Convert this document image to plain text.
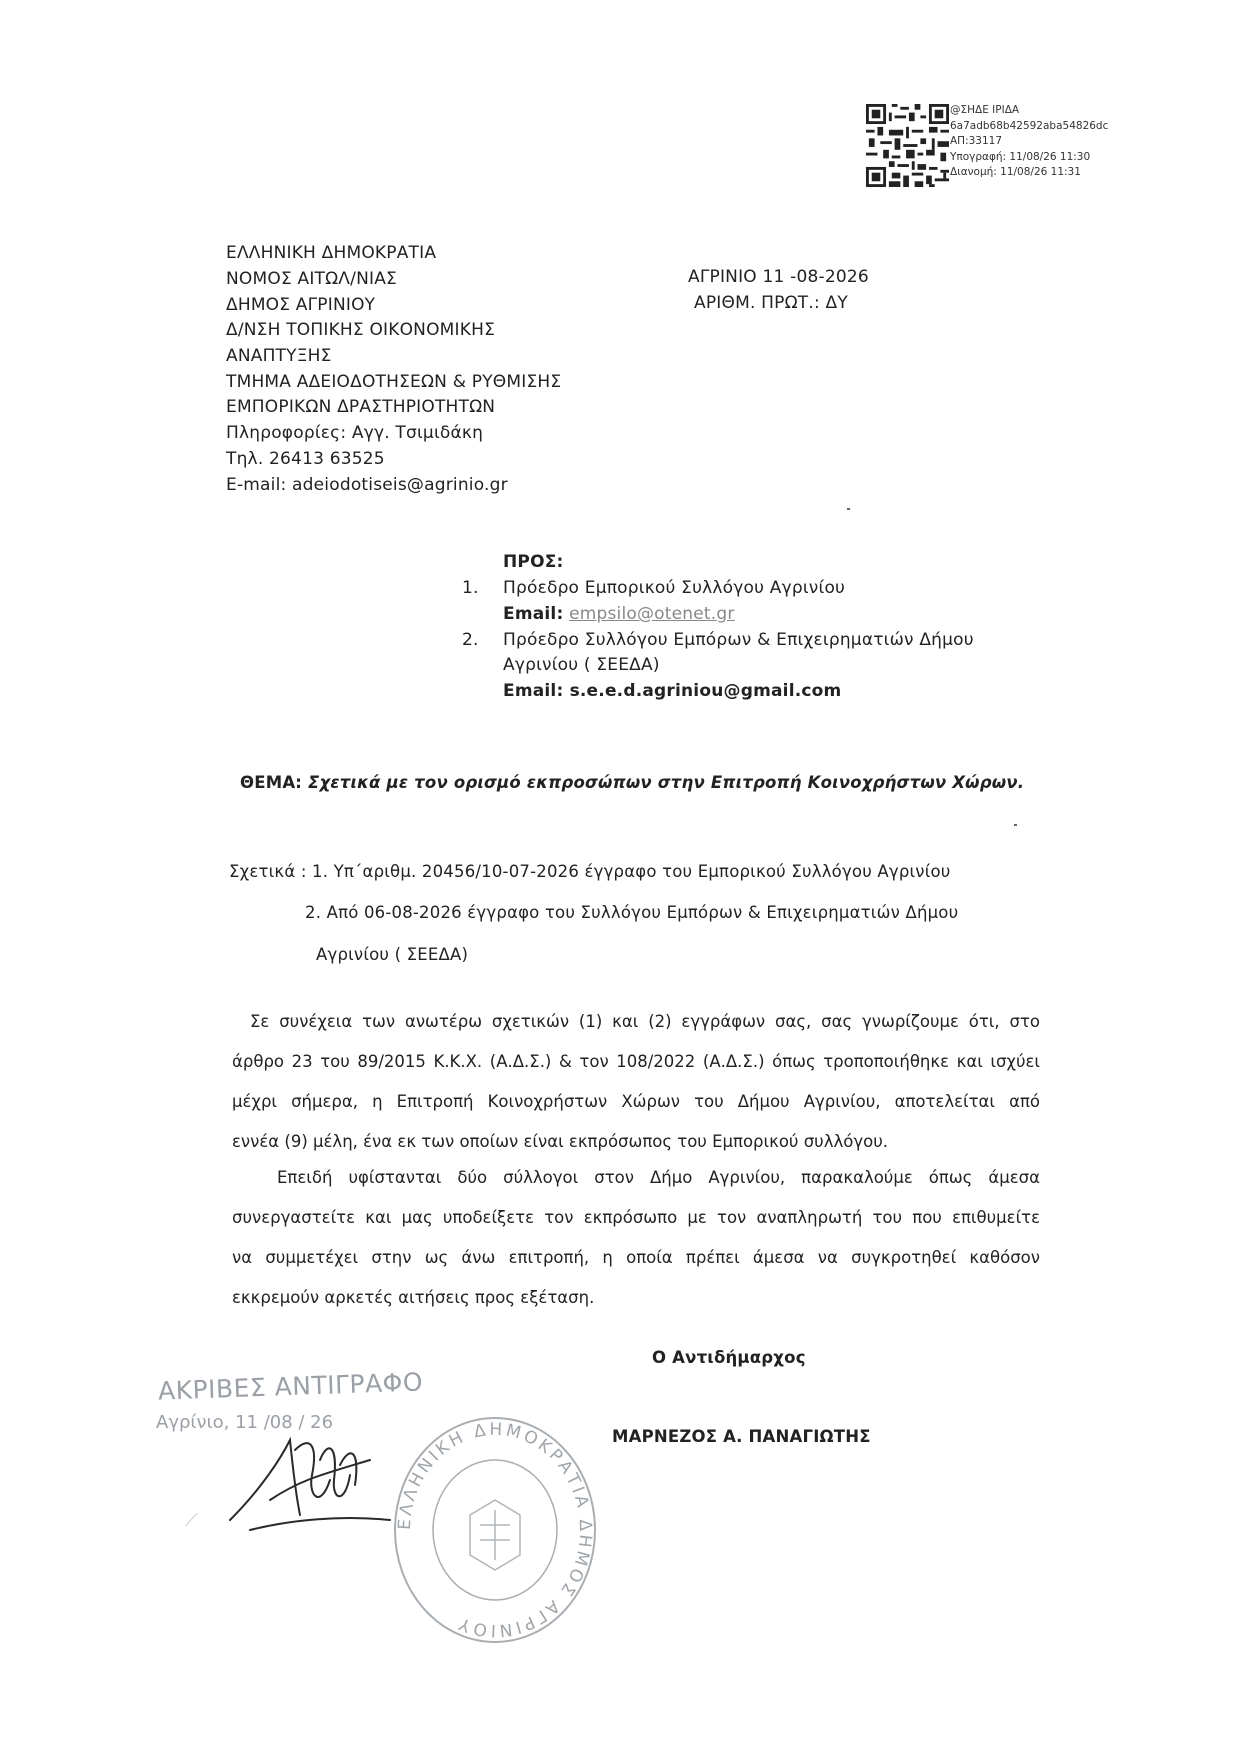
@ΣΗΔΕ ΙΡΙΔΑ
6a7adb68b42592aba54826dc
ΑΠ:33117
Υπογραφή: 11/08/26 11:30
Διανομή: 11/08/26 11:31
ΕΛΛΗΝΙΚΗ ΔΗΜΟΚΡΑΤΙΑ
ΝΟΜΟΣ ΑΙΤΩΛ/ΝΙΑΣ
ΔΗΜΟΣ ΑΓΡΙΝΙΟΥ
Δ/ΝΣΗ ΤΟΠΙΚΗΣ ΟΙΚΟΝΟΜΙΚΗΣ
ΑΝΑΠΤΥΞΗΣ
ΤΜΗΜΑ ΑΔΕΙΟΔΟΤΗΣΕΩΝ & ΡΥΘΜΙΣΗΣ
ΕΜΠΟΡΙΚΩΝ ΔΡΑΣΤΗΡΙΟΤΗΤΩΝ
Πληροφορίες: Αγγ. Τσιμιδάκη
Τηλ. 26413 63525
E-mail: adeiodotiseis@agrinio.gr
ΑΓΡΙΝΙΟ 11 -08-2026
ΑΡΙΘΜ. ΠΡΩΤ.: ΔΥ
ΠΡΟΣ:
1. Πρόεδρο Εμπορικού Συλλόγου Αγρινίου
Email: empsilo@otenet.gr
2. Πρόεδρο Συλλόγου Εμπόρων & Επιχειρηματιών Δήμου
Αγρινίου ( ΣΕΕΔΑ)
Email: s.e.e.d.agriniou@gmail.com
ΘΕΜΑ: Σχετικά με τον ορισμό εκπροσώπων στην Επιτροπή Κοινοχρήστων Χώρων.
Σχετικά : 1. Υπ΄αριθμ. 20456/10-07-2026 έγγραφο του Εμπορικού Συλλόγου Αγρινίου
2. Από 06-08-2026 έγγραφο του Συλλόγου Εμπόρων & Επιχειρηματιών Δήμου
Αγρινίου ( ΣΕΕΔΑ)
Σε συνέχεια των ανωτέρω σχετικών (1) και (2) εγγράφων σας, σας γνωρίζουμε ότι, στο
άρθρο 23 του 89/2015 Κ.Κ.Χ. (Α.Δ.Σ.) & τον 108/2022 (Α.Δ.Σ.) όπως τροποποιήθηκε και ισχύει
μέχρι σήμερα, η Επιτροπή Κοινοχρήστων Χώρων του Δήμου Αγρινίου, αποτελείται από
εννέα (9) μέλη, ένα εκ των οποίων είναι εκπρόσωπος του Εμπορικού συλλόγου.
Επειδή υφίστανται δύο σύλλογοι στον Δήμο Αγρινίου, παρακαλούμε όπως άμεσα
συνεργαστείτε και μας υποδείξετε τον εκπρόσωπο με τον αναπληρωτή του που επιθυμείτε
να συμμετέχει στην ως άνω επιτροπή, η οποία πρέπει άμεσα να συγκροτηθεί καθόσον
εκκρεμούν αρκετές αιτήσεις προς εξέταση.
Ο Αντιδήμαρχος
ΜΑΡΝΕΖΟΣ Α. ΠΑΝΑΓΙΩΤΗΣ
ΑΚΡΙΒΕΣ ΑΝΤΙΓΡΑΦΟ
Αγρίνιο, 11 /08 / 26
⟋	ΕΛΛΗΝΙΚΗ ΔΗΜΟΚΡΑΤΙΑ ΔΗΜΟΣ ΑΓΡΙΝΙΟΥ
